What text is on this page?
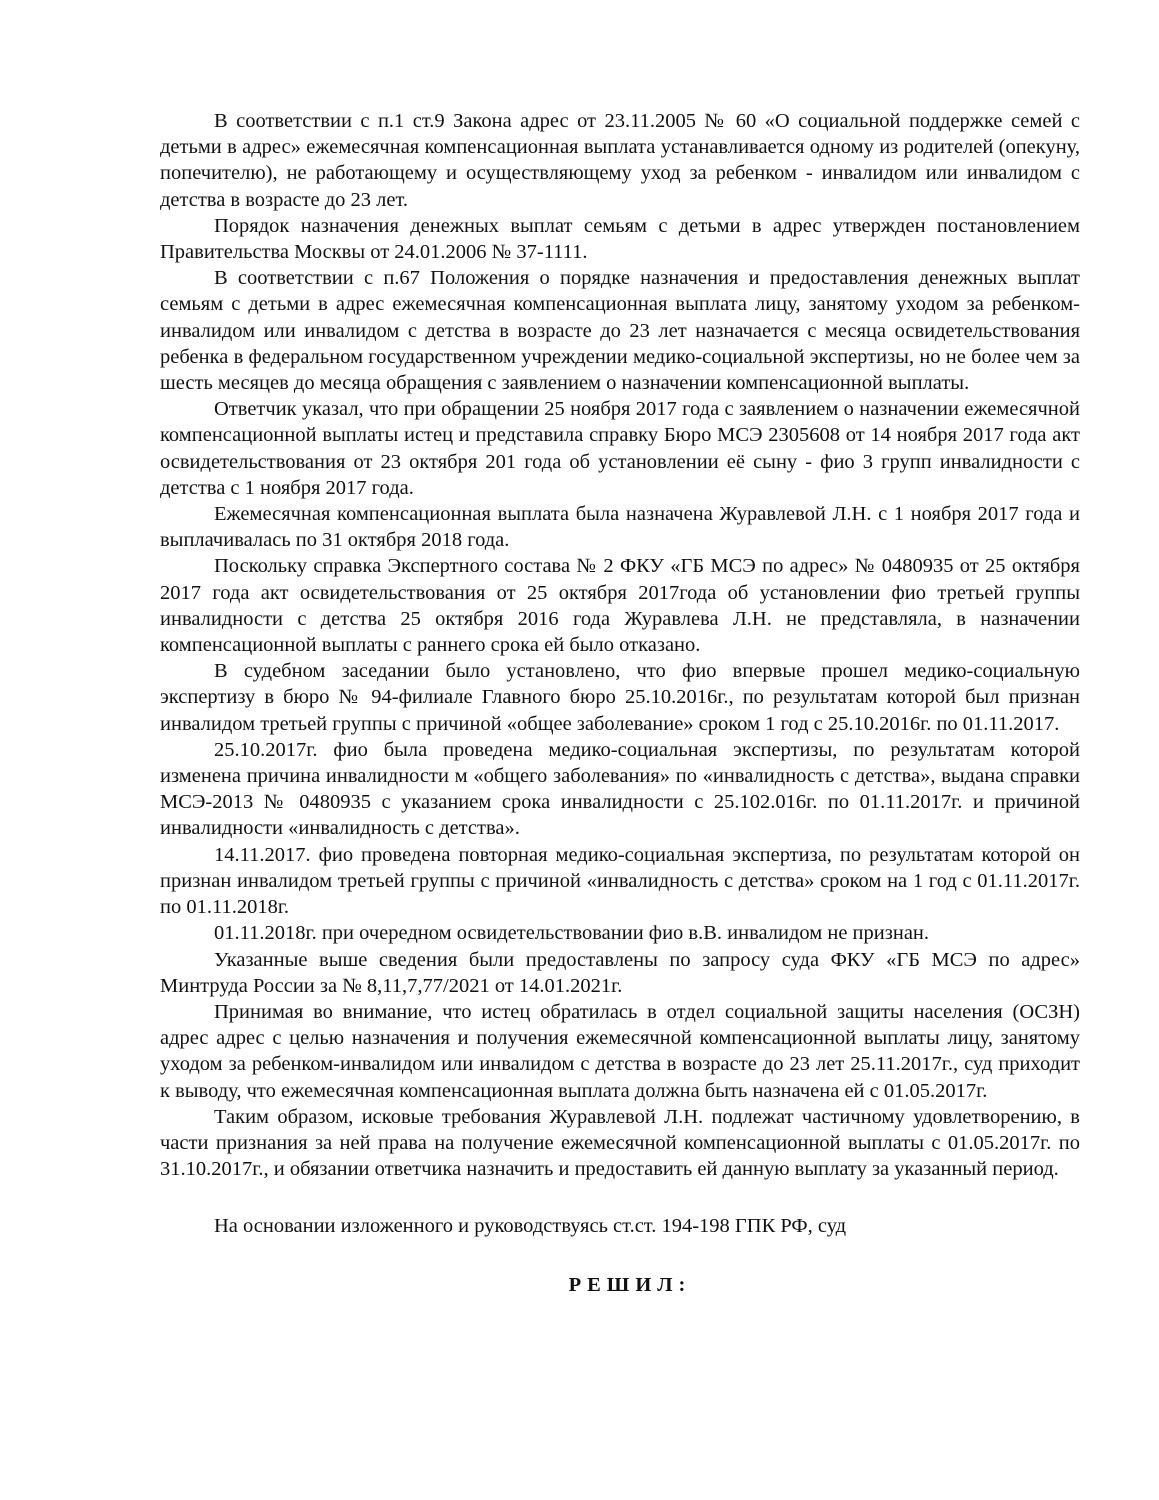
В соответствии с п.1 ст.9 Закона адрес от 23.11.2005 № 60 «О социальной поддержке семей с детьми в адрес» ежемесячная компенсационная выплата устанавливается одному из родителей (опекуну, попечителю), не работающему и осуществляющему уход за ребенком - инвалидом или инвалидом с детства в возрасте до 23 лет.

Порядок назначения денежных выплат семьям с детьми в адрес утвержден постановлением Правительства Москвы от 24.01.2006 № 37-1111.

В соответствии с п.67 Положения о порядке назначения и предоставления денежных выплат семьям с детьми в адрес ежемесячная компенсационная выплата лицу, занятому уходом за ребенком-инвалидом или инвалидом с детства в возрасте до 23 лет назначается с месяца освидетельствования ребенка в федеральном государственном учреждении медико-социальной экспертизы, но не более чем за шесть месяцев до месяца обращения с заявлением о назначении компенсационной выплаты.

Ответчик указал, что при обращении 25 ноября 2017 года с заявлением о назначении ежемесячной компенсационной выплаты истец и представила справку Бюро МСЭ 2305608 от 14 ноября 2017 года акт освидетельствования от 23 октября 201 года об установлении её сыну - фио 3 групп инвалидности с детства с 1 ноября 2017 года.

Ежемесячная компенсационная выплата была назначена Журавлевой Л.Н. с 1 ноября 2017 года и выплачивалась по 31 октября 2018 года.

Поскольку справка Экспертного состава № 2 ФКУ «ГБ МСЭ по адрес» № 0480935 от 25 октября 2017 года акт освидетельствования от 25 октября 2017года об установлении фио третьей группы инвалидности с детства 25 октября 2016 года Журавлева Л.Н. не представляла, в назначении компенсационной выплаты с раннего срока ей было отказано.

В судебном заседании было установлено, что фио впервые прошел медико-социальную экспертизу в бюро № 94-филиале Главного бюро 25.10.2016г., по результатам которой был признан инвалидом третьей группы с причиной «общее заболевание» сроком 1 год с 25.10.2016г. по 01.11.2017.

25.10.2017г. фио была проведена медико-социальная экспертизы, по результатам которой изменена причина инвалидности м «общего заболевания» по «инвалидность с детства», выдана справки МСЭ-2013 № 0480935 с указанием срока инвалидности с 25.102.016г. по 01.11.2017г. и причиной инвалидности «инвалидность с детства».

14.11.2017. фио проведена повторная медико-социальная экспертиза, по результатам которой он признан инвалидом третьей группы с причиной «инвалидность с детства» сроком на 1 год с 01.11.2017г. по 01.11.2018г.

01.11.2018г. при очередном освидетельствовании фио в.В. инвалидом не признан.

Указанные выше сведения были предоставлены по запросу суда ФКУ «ГБ МСЭ по адрес» Минтруда России за № 8,11,7,77/2021 от 14.01.2021г.

Принимая во внимание, что истец обратилась в отдел социальной защиты населения (ОСЗН) адрес адрес с целью назначения и получения ежемесячной компенсационной выплаты лицу, занятому уходом за ребенком-инвалидом или инвалидом с детства в возрасте до 23 лет 25.11.2017г., суд приходит к выводу, что ежемесячная компенсационная выплата должна быть назначена ей с 01.05.2017г.

Таким образом, исковые требования Журавлевой Л.Н. подлежат частичному удовлетворению, в части признания за ней права на получение ежемесячной компенсационной выплаты с 01.05.2017г. по 31.10.2017г., и обязании ответчика назначить и предоставить ей данную выплату за указанный период.

На основании изложенного и руководствуясь ст.ст. 194-198 ГПК РФ, суд

РЕШИЛ:
